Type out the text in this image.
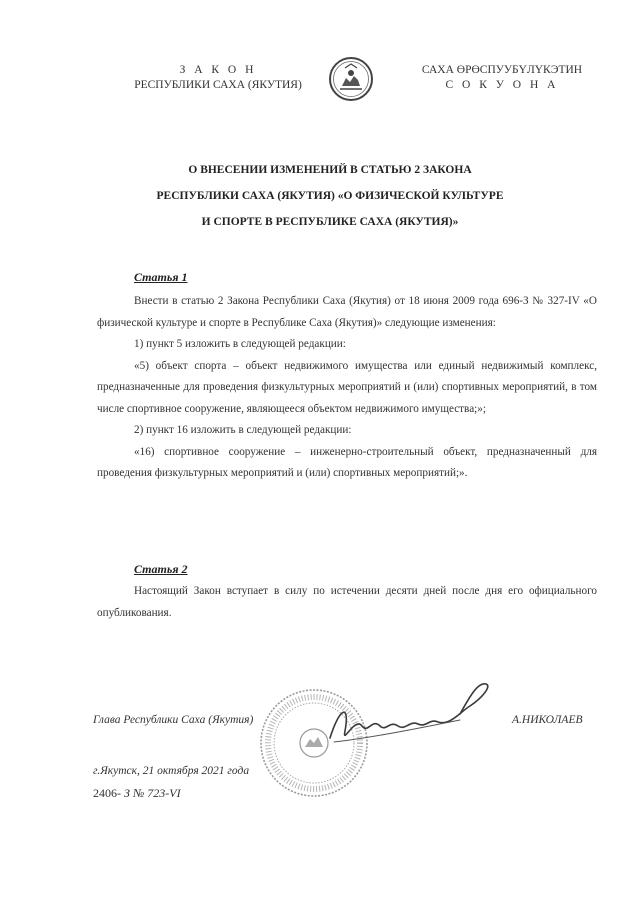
З А К О Н
РЕСПУБЛИКИ САХА (ЯКУТИЯ)
САХА ӨРӨСПУУБҮЛҮКЭТИН
С О К У О Н А
О ВНЕСЕНИИ ИЗМЕНЕНИЙ В СТАТЬЮ 2 ЗАКОНА
РЕСПУБЛИКИ САХА (ЯКУТИЯ) «О ФИЗИЧЕСКОЙ КУЛЬТУРЕ
И СПОРТЕ В РЕСПУБЛИКЕ САХА (ЯКУТИЯ)»
Статья 1

Внести в статью 2 Закона Республики Саха (Якутия) от 18 июня 2009 года 696-З № 327-IV «О физической культуре и спорте в Республике Саха (Якутия)» следующие изменения:

1) пункт 5 изложить в следующей редакции:

«5) объект спорта – объект недвижимого имущества или единый недвижимый комплекс, предназначенные для проведения физкультурных мероприятий и (или) спортивных мероприятий, в том числе спортивное сооружение, являющееся объектом недвижимого имущества;»;

2) пункт 16 изложить в следующей редакции:

«16) спортивное сооружение – инженерно-строительный объект, предназначенный для проведения физкультурных мероприятий и (или) спортивных мероприятий;».

Статья 2

Настоящий Закон вступает в силу по истечении десяти дней после дня его официального опубликования.

Глава Республики Саха (Якутия)	А.НИКОЛАЕВ
г.Якутск, 21 октября 2021 года
2406- З № 723-VI
